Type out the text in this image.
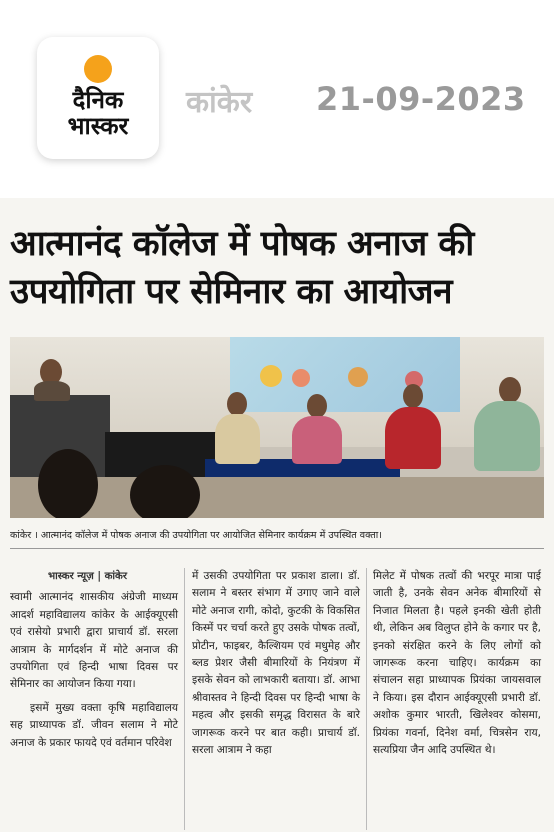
दैनिक
भास्कर
कांकेर 21-09-2023
आत्मानंद कॉलेज में पोषक अनाज की उपयोगिता पर सेमिनार का आयोजन
कांकेर । आत्मानंद कॉलेज में पोषक अनाज की उपयोगिता पर आयोजित सेमिनार कार्यक्रम में उपस्थित वक्ता।
भास्कर न्यूज़ | कांकेर
स्वामी आत्मानंद शासकीय अंग्रेजी माध्यम आदर्श महाविद्यालय कांकेर के आईक्यूएसी एवं रासेयो प्रभारी द्वारा प्राचार्य डॉ. सरला आत्राम के मार्गदर्शन में मोटे अनाज की उपयोगिता एवं हिन्दी भाषा दिवस पर सेमिनार का आयोजन किया गया।
इसमें मुख्य वक्ता कृषि महाविद्यालय सह प्राध्यापक डॉ. जीवन सलाम ने मोटे अनाज के प्रकार फायदे एवं वर्तमान परिवेश
में उसकी उपयोगिता पर प्रकाश डाला। डॉ. सलाम ने बस्तर संभाग में उगाए जाने वाले मोटे अनाज रागी, कोदो, कुटकी के विकसित किस्में पर चर्चा करते हुए उसके पोषक तत्वों, प्रोटीन, फाइबर, कैल्शियम एवं मधुमेह और ब्लड प्रेशर जैसी बीमारियों के नियंत्रण में इसके सेवन को लाभकारी बताया। डॉ. आभा श्रीवास्तव ने हिन्दी दिवस पर हिन्दी भाषा के महत्व और इसकी समृद्ध विरासत के बारे जागरूक करने पर बात कही। प्राचार्य डॉ. सरला आत्राम ने कहा
मिलेट में पोषक तत्वों की भरपूर मात्रा पाई जाती है, उनके सेवन अनेक बीमारियों से निजात मिलता है। पहले इनकी खेती होती थी, लेकिन अब विलुप्त होने के कगार पर है, इनको संरक्षित करने के लिए लोगों को जागरूक करना चाहिए। कार्यक्रम का संचालन सहा प्राध्यापक प्रियंका जायसवाल ने किया। इस दौरान आईक्यूएसी प्रभारी डॉ. अशोक कुमार भारती, खिलेश्वर कोसमा, प्रियंका गवर्ना, दिनेश वर्मा, चित्रसेन राय, सत्यप्रिया जैन आदि उपस्थित थे।
